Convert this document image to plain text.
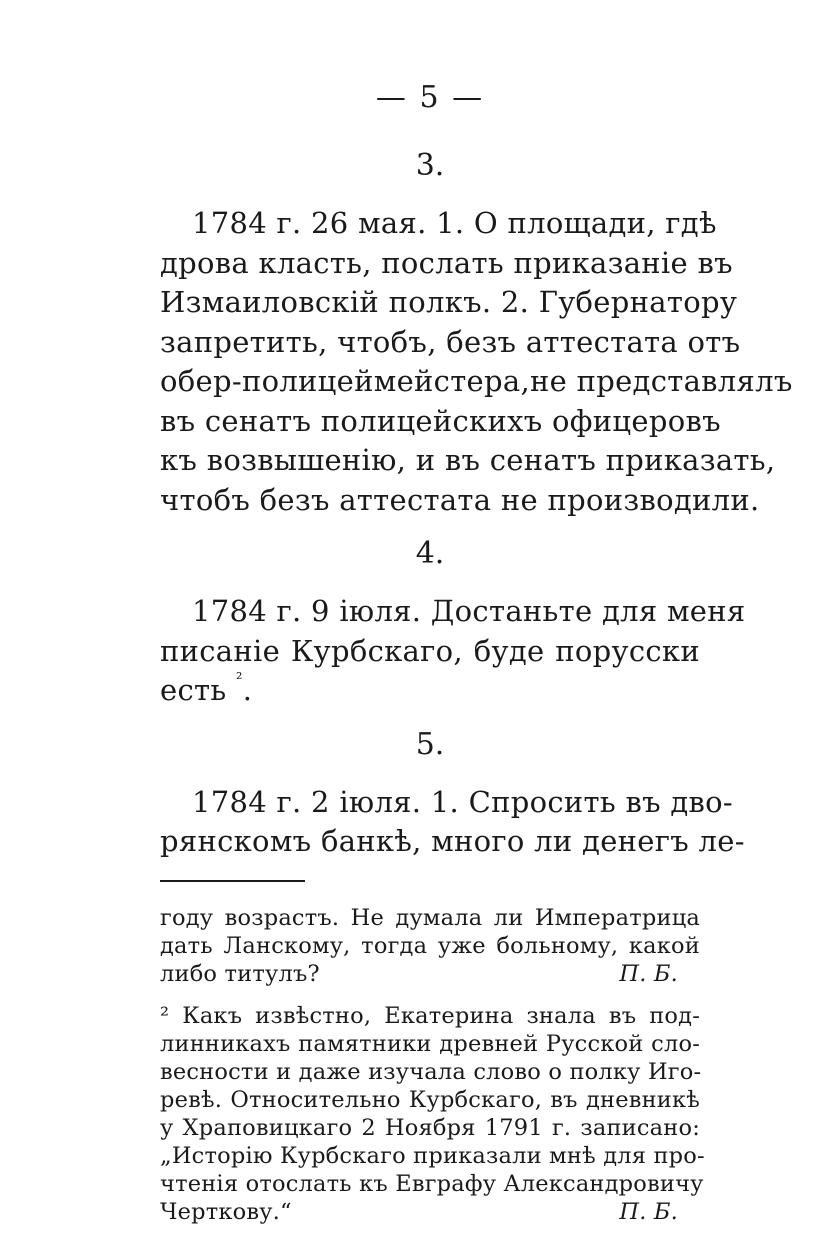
— 5 —
3.
1784 г. 26 мая. 1. О площади, гдѣ
дрова класть, послать приказаніе въ
Измаиловскій полкъ. 2. Губернатору
запретить, чтобъ, безъ аттестата отъ
обер-полицеймейстера,не представлялъ
въ сенатъ полицейскихъ офицеровъ
къ возвышенію, и въ сенатъ приказать,
чтобъ безъ аттестата не производили.
4.
1784 г. 9 іюля. Достаньте для меня
писаніе Курбскаго, буде порусски
есть $^{^2}$.
5.
1784 г. 2 іюля. 1. Спросить въ дво-
рянскомъ банкѣ, много ли денегъ ле-
году возрастъ. Не думала ли Императрица
дать Ланскому, тогда уже больному, какой
либо титулъ?	П. Б.
² Какъ извѣстно, Екатерина знала въ под-
линникахъ памятники древней Русской сло-
весности и даже изучала слово о полку Иго-
ревѣ. Относительно Курбскаго, въ дневникѣ
у Храповицкаго 2 Ноября 1791 г. записано:
„Исторію Курбскаго приказали мнѣ для про-
чтенія отослать къ Евграфу Александровичу
Черткову.“	П. Б.
